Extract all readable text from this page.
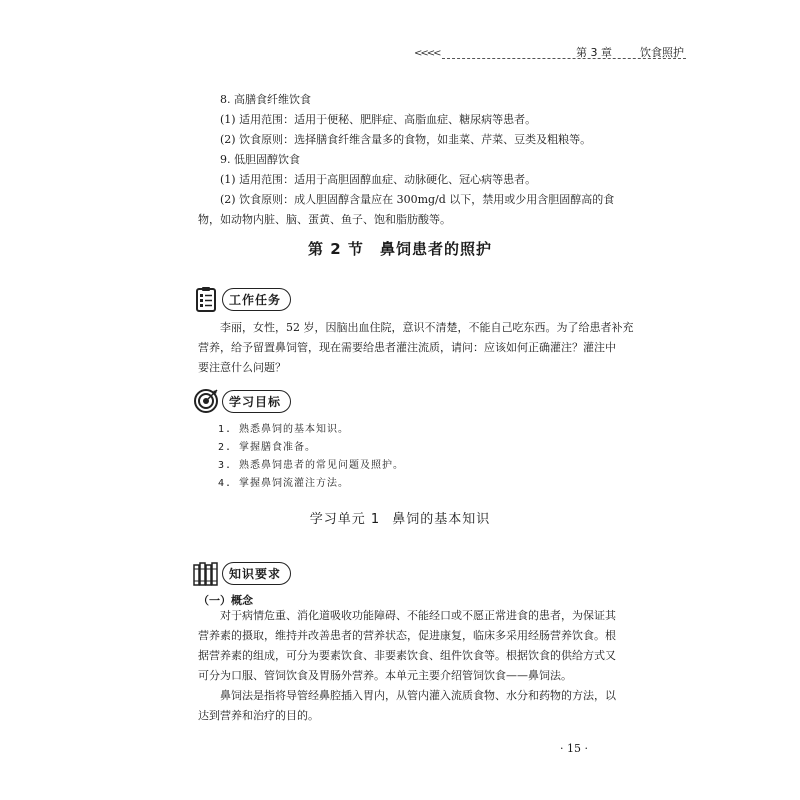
<<<<	第 3 章	饮食照护

8. 高膳食纤维饮食

(1) 适用范围：适用于便秘、肥胖症、高脂血症、糖尿病等患者。

(2) 饮食原则：选择膳食纤维含量多的食物，如韭菜、芹菜、豆类及粗粮等。

9. 低胆固醇饮食

(1) 适用范围：适用于高胆固醇血症、动脉硬化、冠心病等患者。

(2) 饮食原则：成人胆固醇含量应在 300mg/d 以下，禁用或少用含胆固醇高的食

物，如动物内脏、脑、蛋黄、鱼子、饱和脂肪酸等。

第 2 节 鼻饲患者的照护
工作任务

李丽，女性，52 岁，因脑出血住院，意识不清楚，不能自己吃东西。为了给患者补充

营养，给予留置鼻饲管，现在需要给患者灌注流质，请问：应该如何正确灌注？灌注中

要注意什么问题？

学习目标
1. 熟悉鼻饲的基本知识。
2. 掌握膳食准备。
3. 熟悉鼻饲患者的常见问题及照护。
4. 掌握鼻饲流灌注方法。
学习单元 1 鼻饲的基本知识
知识要求
（一）概念

对于病情危重、消化道吸收功能障碍、不能经口或不愿正常进食的患者，为保证其

营养素的摄取，维持并改善患者的营养状态，促进康复，临床多采用经肠营养饮食。根

据营养素的组成，可分为要素饮食、非要素饮食、组件饮食等。根据饮食的供给方式又

可分为口服、管饲饮食及胃肠外营养。本单元主要介绍管饲饮食——鼻饲法。

鼻饲法是指将导管经鼻腔插入胃内，从管内灌入流质食物、水分和药物的方法，以

达到营养和治疗的目的。

· 15 ·
